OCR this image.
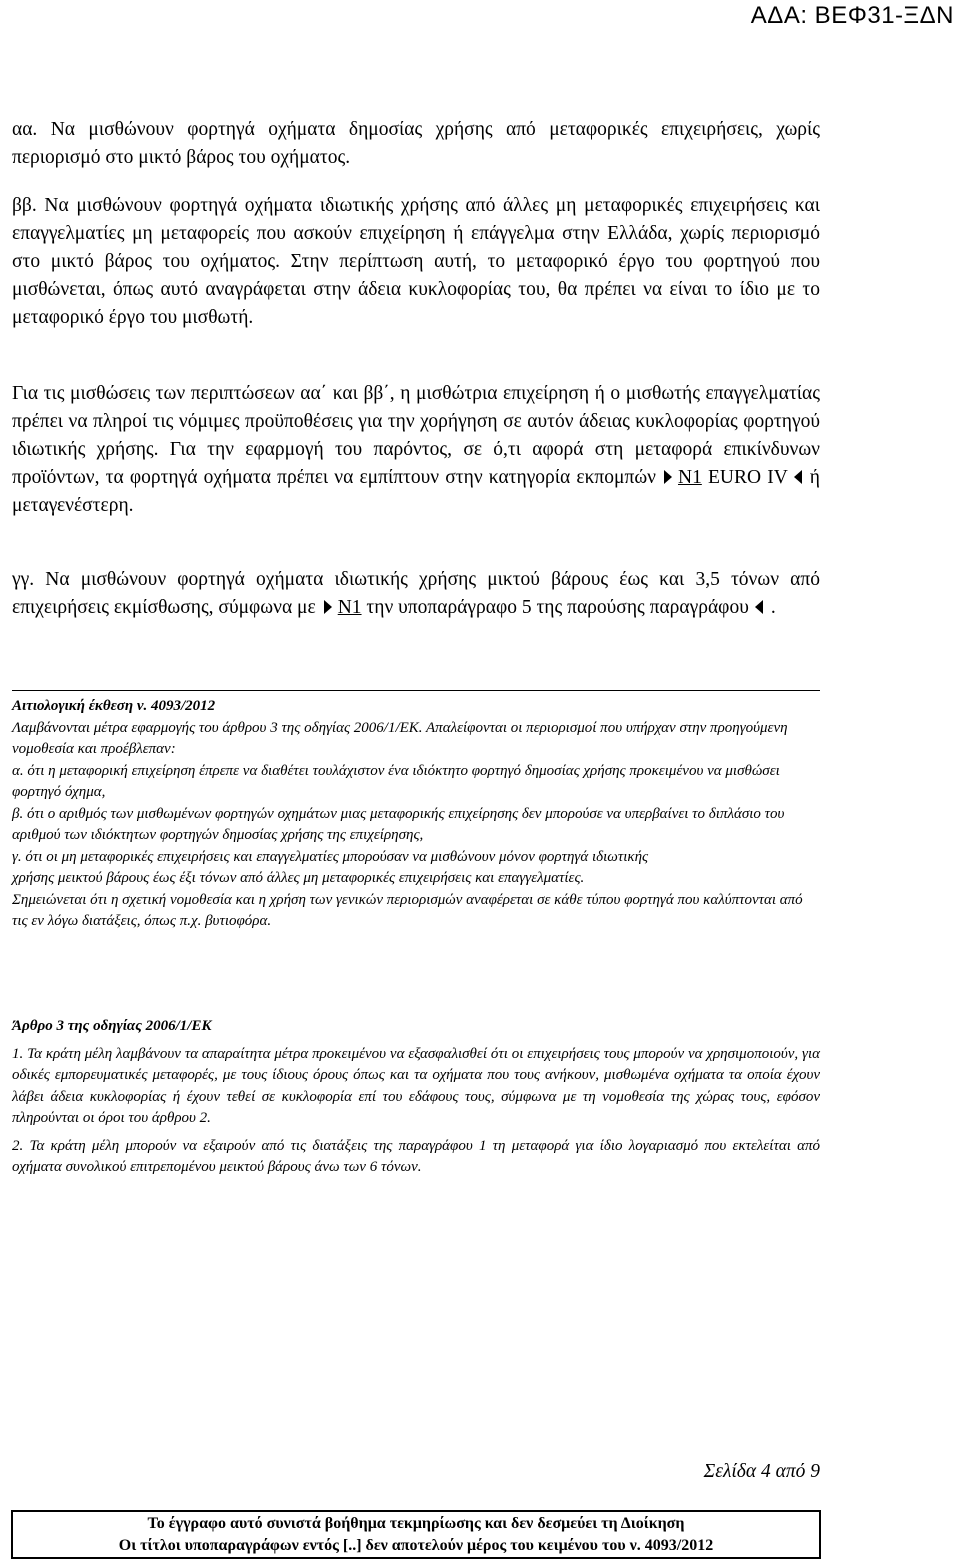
ΑΔΑ: ΒΕΦ31-ΞΔΝ

αα. Να μισθώνουν φορτηγά οχήματα δημοσίας χρήσης από μεταφορικές επιχειρήσεις, χωρίς περιορισμό στο μικτό βάρος του οχήματος.

ββ. Να μισθώνουν φορτηγά οχήματα ιδιωτικής χρήσης από άλλες μη μεταφορικές επιχειρήσεις και επαγγελματίες μη μεταφορείς που ασκούν επιχείρηση ή επάγγελμα στην Ελλάδα, χωρίς περιορισμό στο μικτό βάρος του οχήματος. Στην περίπτωση αυτή, το μεταφορικό έργο του φορτηγού που μισθώνεται, όπως αυτό αναγράφεται στην άδεια κυκλοφορίας του, θα πρέπει να είναι το ίδιο με το μεταφορικό έργο του μισθωτή.

Για τις μισθώσεις των περιπτώσεων αα΄ και ββ΄, η μισθώτρια επιχείρηση ή ο μισθωτής επαγγελματίας πρέπει να πληροί τις νόμιμες προϋποθέσεις για την χορήγηση σε αυτόν άδειας κυκλοφορίας φορτηγού ιδιωτικής χρήσης. Για την εφαρμογή του παρόντος, σε ό,τι αφορά στη μεταφορά επικίνδυνων προϊόντων, τα φορτηγά οχήματα πρέπει να εμπίπτουν στην κατηγορία εκπομπών N1 EURO IV ή μεταγενέστερη.

γγ. Να μισθώνουν φορτηγά οχήματα ιδιωτικής χρήσης μικτού βάρους έως και 3,5 τόνων από επιχειρήσεις εκμίσθωσης, σύμφωνα με N1 την υποπαράγραφο 5 της παρούσης παραγράφου .

Αιτιολογική έκθεση ν. 4093/2012
Λαμβάνονται μέτρα εφαρμογής του άρθρου 3 της οδηγίας 2006/1/ΕΚ. Απαλείφονται οι περιορισμοί που υπήρχαν στην προηγούμενη νομοθεσία και προέβλεπαν:
α. ότι η μεταφορική επιχείρηση έπρεπε να διαθέτει τουλάχιστον ένα ιδιόκτητο φορτηγό δημοσίας χρήσης προκειμένου να μισθώσει φορτηγό όχημα,
β. ότι ο αριθμός των μισθωμένων φορτηγών οχημάτων μιας μεταφορικής επιχείρησης δεν μπορούσε να υπερβαίνει το διπλάσιο του αριθμού των ιδιόκτητων φορτηγών δημοσίας χρήσης της επιχείρησης,
γ. ότι οι μη μεταφορικές επιχειρήσεις και επαγγελματίες μπορούσαν να μισθώνουν μόνον φορτηγά ιδιωτικής
χρήσης μεικτού βάρους έως έξι τόνων από άλλες μη μεταφορικές επιχειρήσεις και επαγγελματίες.
Σημειώνεται ότι η σχετική νομοθεσία και η χρήση των γενικών περιορισμών αναφέρεται σε κάθε τύπου φορτηγά που καλύπτονται από τις εν λόγω διατάξεις, όπως π.χ. βυτιοφόρα.
Άρθρο 3 της οδηγίας 2006/1/ΕΚ

1. Τα κράτη μέλη λαμβάνουν τα απαραίτητα μέτρα προκειμένου να εξασφαλισθεί ότι οι επιχειρήσεις τους μπορούν να χρησιμοποιούν, για οδικές εμπορευματικές μεταφορές, με τους ίδιους όρους όπως και τα οχήματα που τους ανήκουν, μισθωμένα οχήματα τα οποία έχουν λάβει άδεια κυκλοφορίας ή έχουν τεθεί σε κυκλοφορία επί του εδάφους τους, σύμφωνα με τη νομοθεσία της χώρας τους, εφόσον πληρούνται οι όροι του άρθρου 2.

2. Τα κράτη μέλη μπορούν να εξαιρούν από τις διατάξεις της παραγράφου 1 τη μεταφορά για ίδιο λογαριασμό που εκτελείται από οχήματα συνολικού επιτρεπομένου μεικτού βάρους άνω των 6 τόνων.

Σελίδα 4 από 9
Το έγγραφο αυτό συνιστά βοήθημα τεκμηρίωσης και δεν δεσμεύει τη Διοίκηση
Οι τίτλοι υποπαραγράφων εντός [..] δεν αποτελούν μέρος του κειμένου του ν. 4093/2012
